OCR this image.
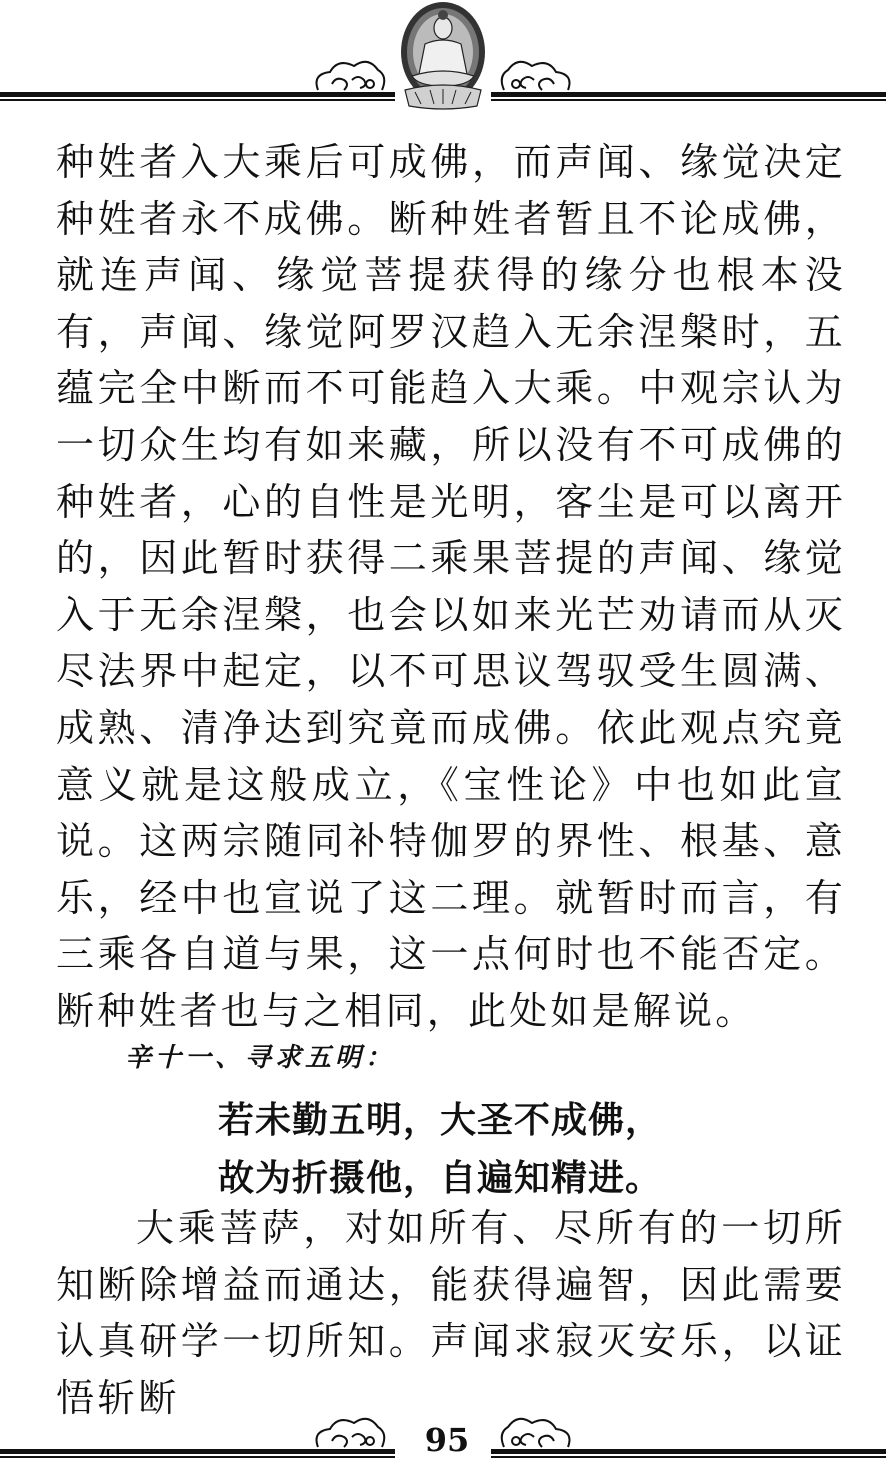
种姓者入大乘后可成佛，而声闻、缘觉决定种姓者永不成佛。断种姓者暂且不论成佛，就连声闻、缘觉菩提获得的缘分也根本没有，声闻、缘觉阿罗汉趋入无余涅槃时，五蕴完全中断而不可能趋入大乘。中观宗认为一切众生均有如来藏，所以没有不可成佛的种姓者，心的自性是光明，客尘是可以离开的，因此暂时获得二乘果菩提的声闻、缘觉入于无余涅槃，也会以如来光芒劝请而从灭尽法界中起定，以不可思议驾驭受生圆满、成熟、清净达到究竟而成佛。依此观点究竟意义就是这般成立，《宝性论》中也如此宣说。这两宗随同补特伽罗的界性、根基、意乐，经中也宣说了这二理。就暂时而言，有三乘各自道与果，这一点何时也不能否定。断种姓者也与之相同，此处如是解说。

辛十一、寻求五明：

若未勤五明，大圣不成佛，

故为折摄他，自遍知精进。

大乘菩萨，对如所有、尽所有的一切所知断除增益而通达，能获得遍智，因此需要认真研学一切所知。声闻求寂灭安乐，以证悟斩断

95
